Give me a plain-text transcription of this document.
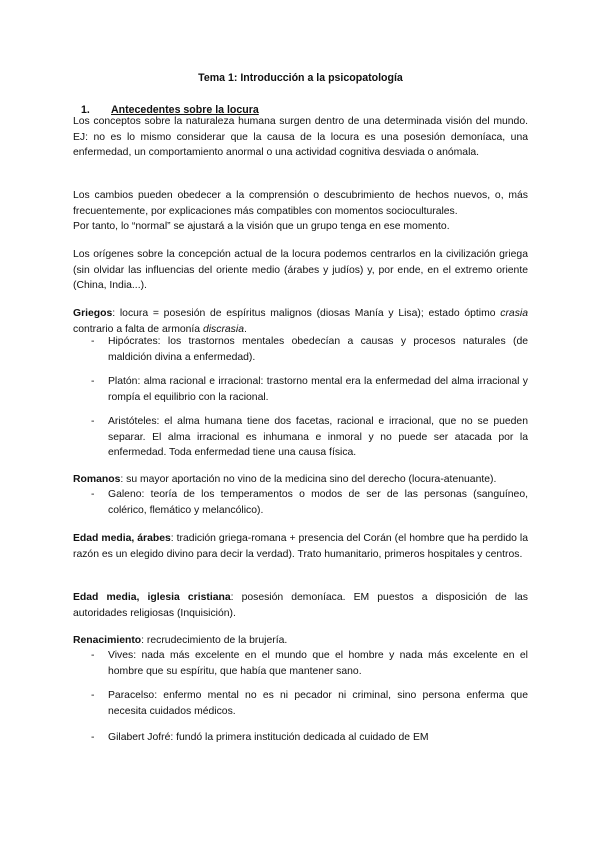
Tema 1: Introducción a la psicopatología
1. Antecedentes sobre la locura
Los conceptos sobre la naturaleza humana surgen dentro de una determinada visión del mundo. EJ: no es lo mismo considerar que la causa de la locura es una posesión demoníaca, una enfermedad, un comportamiento anormal o una actividad cognitiva desviada o anómala.
Los cambios pueden obedecer a la comprensión o descubrimiento de hechos nuevos, o, más frecuentemente, por explicaciones más compatibles con momentos socioculturales.
Por tanto, lo “normal” se ajustará a la visión que un grupo tenga en ese momento.
Los orígenes sobre la concepción actual de la locura podemos centrarlos en la civilización griega (sin olvidar las influencias del oriente medio (árabes y judíos) y, por ende, en el extremo oriente (China, India...).
Griegos: locura = posesión de espíritus malignos (diosas Manía y Lisa); estado óptimo crasia contrario a falta de armonía discrasia.
- Hipócrates: los trastornos mentales obedecían a causas y procesos naturales (de maldición divina a enfermedad).
- Platón: alma racional e irracional: trastorno mental era la enfermedad del alma irracional y rompía el equilibrio con la racional.
- Aristóteles: el alma humana tiene dos facetas, racional e irracional, que no se pueden separar. El alma irracional es inhumana e inmoral y no puede ser atacada por la enfermedad. Toda enfermedad tiene una causa física.
Romanos: su mayor aportación no vino de la medicina sino del derecho (locura-atenuante).
- Galeno: teoría de los temperamentos o modos de ser de las personas (sanguíneo, colérico, flemático y melancólico).
Edad media, árabes: tradición griega-romana + presencia del Corán (el hombre que ha perdido la razón es un elegido divino para decir la verdad). Trato humanitario, primeros hospitales y centros.
Edad media, iglesia cristiana: posesión demoníaca. EM puestos a disposición de las autoridades religiosas (Inquisición).
Renacimiento: recrudecimiento de la brujería.
- Vives: nada más excelente en el mundo que el hombre y nada más excelente en el hombre que su espíritu, que había que mantener sano.
- Paracelso: enfermo mental no es ni pecador ni criminal, sino persona enferma que necesita cuidados médicos.
- Gilabert Jofré: fundó la primera institución dedicada al cuidado de EM
